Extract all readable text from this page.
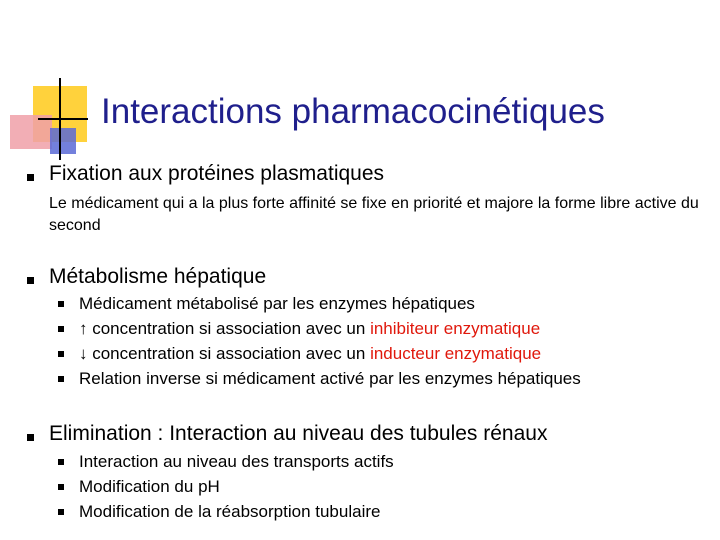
Interactions pharmacocinétiques
Fixation aux protéines plasmatiques
Le médicament qui a la plus forte affinité se fixe en priorité et majore la forme libre active du second
Métabolisme hépatique
Médicament métabolisé par les enzymes hépatiques
↑ concentration si association avec un inhibiteur enzymatique
↓ concentration si association avec un inducteur enzymatique
Relation inverse si médicament activé par les enzymes hépatiques
Elimination : Interaction au niveau des tubules rénaux
Interaction au niveau des transports actifs
Modification du pH
Modification de la réabsorption tubulaire
